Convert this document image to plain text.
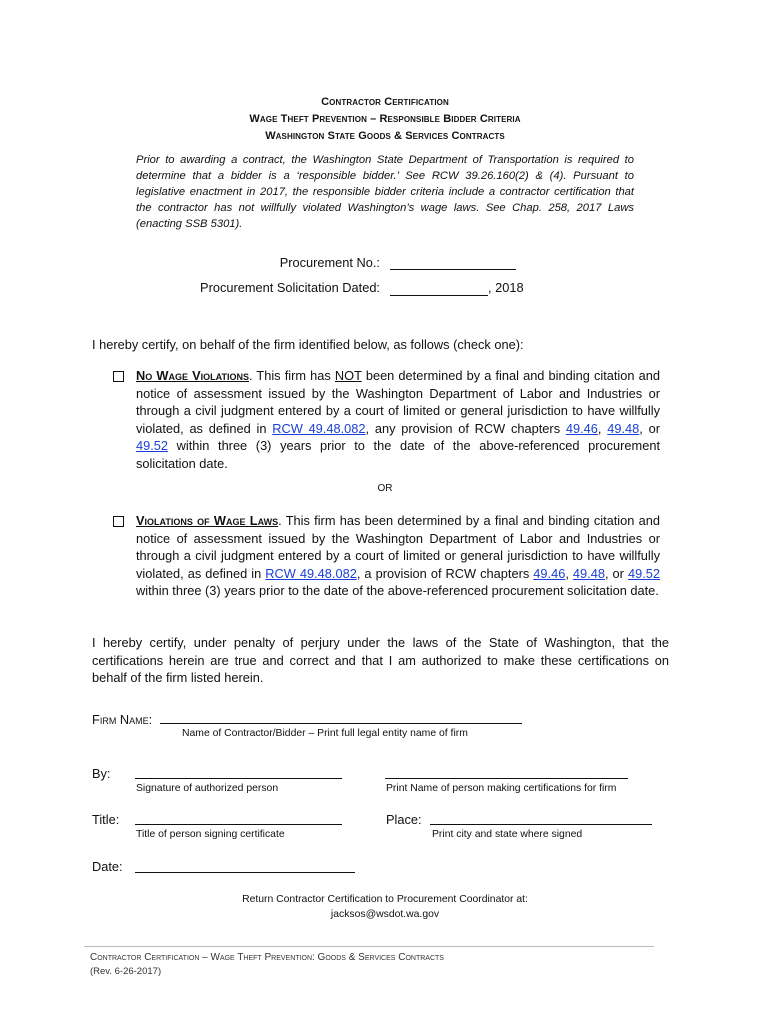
Contractor Certification
Wage Theft Prevention – Responsible Bidder Criteria
Washington State Goods & Services Contracts
Prior to awarding a contract, the Washington State Department of Transportation is required to determine that a bidder is a ‘responsible bidder.’ See RCW 39.26.160(2) & (4). Pursuant to legislative enactment in 2017, the responsible bidder criteria include a contractor certification that the contractor has not willfully violated Washington’s wage laws. See Chap. 258, 2017 Laws (enacting SSB 5301).
Procurement No.:
Procurement Solicitation Dated:	, 2018
I hereby certify, on behalf of the firm identified below, as follows (check one):
No Wage Violations. This firm has NOT been determined by a final and binding citation and notice of assessment issued by the Washington Department of Labor and Industries or through a civil judgment entered by a court of limited or general jurisdiction to have willfully violated, as defined in RCW 49.48.082, any provision of RCW chapters 49.46, 49.48, or 49.52 within three (3) years prior to the date of the above-referenced procurement solicitation date.
OR
Violations of Wage Laws. This firm has been determined by a final and binding citation and notice of assessment issued by the Washington Department of Labor and Industries or through a civil judgment entered by a court of limited or general jurisdiction to have willfully violated, as defined in RCW 49.48.082, a provision of RCW chapters 49.46, 49.48, or 49.52 within three (3) years prior to the date of the above-referenced procurement solicitation date.
I hereby certify, under penalty of perjury under the laws of the State of Washington, that the certifications herein are true and correct and that I am authorized to make these certifications on behalf of the firm listed herein.
Firm Name:
Name of Contractor/Bidder – Print full legal entity name of firm
By:
Signature of authorized person	Print Name of person making certifications for firm
Title:
Title of person signing certificate
Place:
Print city and state where signed
Date:
Return Contractor Certification to Procurement Coordinator at:
jacksos@wsdot.wa.gov
Contractor Certification – Wage Theft Prevention: Goods & Services Contracts
(Rev. 6-26-2017)
